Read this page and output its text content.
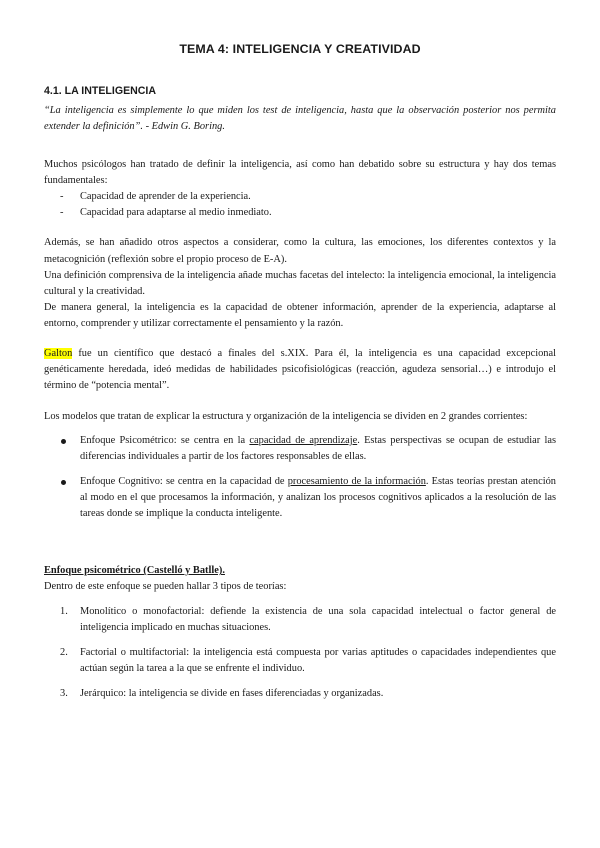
TEMA 4: INTELIGENCIA Y CREATIVIDAD
4.1. LA INTELIGENCIA

“La inteligencia es simplemente lo que miden los test de inteligencia, hasta que la observación posterior nos permita extender la definición”. - Edwin G. Boring.

Muchos psicólogos han tratado de definir la inteligencia, así como han debatido sobre su estructura y hay dos temas fundamentales:

- Capacidad de aprender de la experiencia.
- Capacidad para adaptarse al medio inmediato.

Además, se han añadido otros aspectos a considerar, como la cultura, las emociones, los diferentes contextos y la metacognición (reflexión sobre el propio proceso de E-A).

Una definición comprensiva de la inteligencia añade muchas facetas del intelecto: la inteligencia emocional, la inteligencia cultural y la creatividad.

De manera general, la inteligencia es la capacidad de obtener información, aprender de la experiencia, adaptarse al entorno, comprender y utilizar correctamente el pensamiento y la razón.

Galton fue un científico que destacó a finales del s.XIX. Para él, la inteligencia es una capacidad excepcional genéticamente heredada, ideó medidas de habilidades psicofisiológicas (reacción, agudeza sensorial…) e introdujo el término de “potencia mental”.

Los modelos que tratan de explicar la estructura y organización de la inteligencia se dividen en 2 grandes corrientes:

Enfoque Psicométrico: se centra en la capacidad de aprendizaje. Estas perspectivas se ocupan de estudiar las diferencias individuales a partir de los factores responsables de ellas.
Enfoque Cognitivo: se centra en la capacidad de procesamiento de la información. Estas teorías prestan atención al modo en el que procesamos la información, y analizan los procesos cognitivos aplicados a la resolución de las tareas donde se implique la conducta inteligente.

Enfoque psicométrico (Castelló y Batlle).

Dentro de este enfoque se pueden hallar 3 tipos de teorías:

1. Monolítico o monofactorial: defiende la existencia de una sola capacidad intelectual o factor general de inteligencia implicado en muchas situaciones.
2. Factorial o multifactorial: la inteligencia está compuesta por varias aptitudes o capacidades independientes que actúan según la tarea a la que se enfrente el individuo.
3. Jerárquico: la inteligencia se divide en fases diferenciadas y organizadas.
